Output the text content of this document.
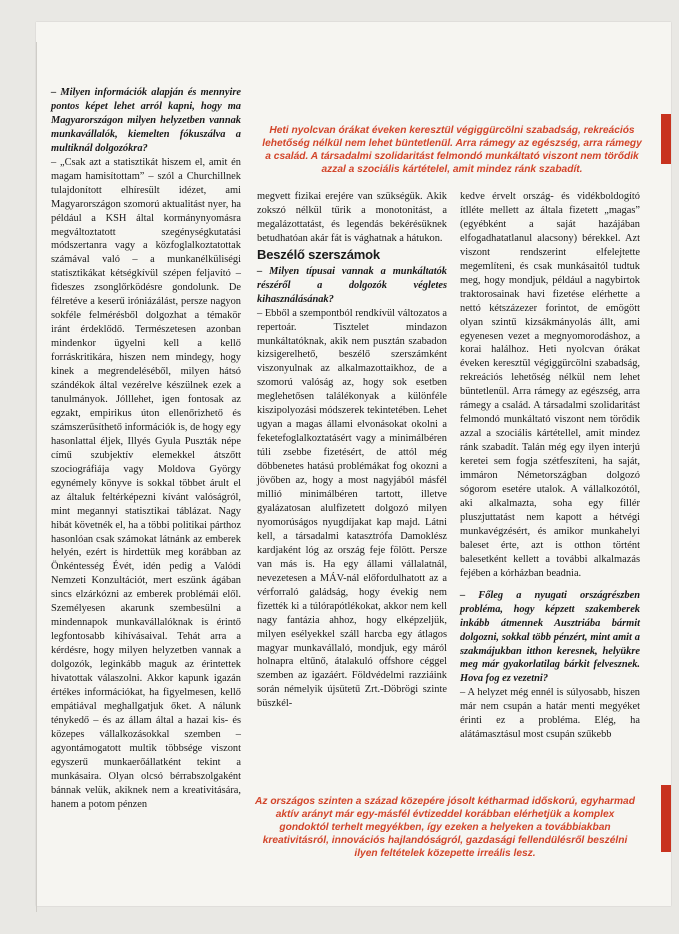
– Milyen információk alapján és mennyire pontos képet lehet arról kapni, hogy ma Magyarországon milyen helyzetben vannak munkavállalók, kiemelten fókuszálva a multiknál dolgozókra?

– „Csak azt a statisztikát hiszem el, amit én magam hamisítottam” – szól a Churchillnek tulajdonított elhíresült idézet, ami Magyarországon szomorú aktualitást nyer, ha például a KSH által kormánynyomásra megváltoztatott szegénységkutatási módszertanra vagy a közfoglalkoztatottak számával való – a munkanélküliségi statisztikákat kétségkívül szépen feljavító – fideszes zsonglőrködésre gondolunk. De félretéve a keserű iróniázálást, persze nagyon sokféle felmérésből dolgozhat a témakör iránt érdeklődő. Természetesen azonban mindenkor ügyelni kell a kellő forráskritikára, hiszen nem mindegy, hogy kinek a megrendeléséből, milyen hátsó szándékok által vezérelve készülnek ezek a tanulmányok. Jólllehet, igen fontosak az egzakt, empirikus úton ellenőrizhető és számszerűsíthető információk is, de hogy egy hasonlattal éljek, Illyés Gyula Puszták népe című szubjektív elemekkel átszőtt szociográfiája vagy Moldova György egynémely könyve is sokkal többet árult el az általuk feltérképezni kívánt valóságról, mint megannyi statisztikai táblázat. Nagy hibát követnék el, ha a többi politikai párthoz hasonlóan csak számokat látnánk az emberek helyén, ezért is hirdettük meg korábban az Önkéntesség Évét, idén pedig a Valódi Nemzeti Konzultációt, mert eszünk ágában sincs elzárkózni az emberek problémái elől. Személyesen akarunk szembesülni a mindennapok munkavállalóknak is érintő legfontosabb kihívásaival. Tehát arra a kérdésre, hogy milyen helyzetben vannak a dolgozók, leginkább maguk az érintettek hivatottak válaszolni. Akkor kapunk igazán értékes információkat, ha figyelmesen, kellő empátiával meghallgatjuk őket. A nálunk ténykedő – és az állam által a hazai kis- és közepes vállalkozásokkal szemben – agyontámogatott multik többsége viszont egyszerű munkaerőállatként tekint a munkásaira. Olyan olcsó bérrabszolgaként bánnak velük, akiknek nem a kreativitására, hanem a potom pénzen

Heti nyolcvan órákat éveken keresztül végiggürcölni szabadság, rekreációs lehetőség nélkül nem lehet büntetlenül. Arra rámegy az egészség, arra rámegy a család. A társadalmi szolidaritást felmondó munkáltató viszont nem törődik azzal a szociális kártételel, amit mindez ránk szabadít.

megvett fizikai erejére van szükségük. Akik zokszó nélkül tűrik a monotonitást, a megalázottatást, és legendás bekérésüknek betudhatóan akár fát is vághatnak a hátukon.

Beszélő szerszámok

– Milyen típusai vannak a munkáltatók részéről a dolgozók végletes kihasználásának?

– Ebből a szempontból rendkívül változatos a repertoár. Tisztelet mindazon munkáltatóknak, akik nem pusztán szabadon kizsigerelhető, beszélő szerszámként viszonyulnak az alkalmazottaikhoz, de a szomorú valóság az, hogy sok esetben meglehetősen találékonyak a különféle kiszipolyozási módszerek tekintetében. Lehet ugyan a magas állami elvonásokat okolni a feketefoglalkoztatásért vagy a minimálbéren túli zsebbe fizetésért, de attól még döbbenetes hatású problémákat fog okozni a jövőben az, hogy a most nagyjából másfél millió minimálbéren tartott, illetve gyalázatosan alulfizetett dolgozó milyen nyomorúságos nyugdíjakat kap majd. Látni kell, a társadalmi katasztrófa Damoklész kardjaként lóg az ország feje fölött. Persze van más is. Ha egy állami vállalatnál, nevezetesen a MÁV-nál előfordulhatott az a vérforraló galádság, hogy évekig nem fizették ki a túlórapótlékokat, akkor nem kell nagy fantázia ahhoz, hogy elképzeljük, milyen esélyekkel száll harcba egy átlagos magyar munkavállaló, mondjuk, egy máról holnapra eltűnő, átalakuló offshore céggel szemben az igazáért. Földvédelmi razziáink során némelyik újsütetű Zrt.-Döbrögi szinte büszkél-

kedve érvelt ország- és vidékboldogító ítlléte mellett az általa fizetett „magas” (egyébként a saját hazájában elfogadhatatlanul alacsony) bérekkel. Azt viszont rendszerint elfelejtette megemlíteni, és csak munkásaitól tudtuk meg, hogy mondjuk, például a nagybirtok traktorosainak havi fizetése elérhette a nettó kétszázezer forintot, de emögött olyan szintű kizsákmányolás állt, ami egyenesen vezet a megnyomorodáshoz, a korai halálhoz. Heti nyolcvan órákat éveken keresztül végiggürcölni szabadság, rekreációs lehetőség nélkül nem lehet büntetlenül. Arra rámegy az egészség, arra rámegy a család. A társadalmi szolidaritást felmondó munkáltató viszont nem törődik azzal a szociális kártétellel, amit mindez ránk szabadít. Talán még egy ilyen interjú keretei sem fogja szétfeszíteni, ha saját, immáron Németországban dolgozó sógorom esetére utalok. A vállalkozótól, aki alkalmazta, soha egy fillér pluszjuttatást nem kapott a hétvégi munkavégzésért, és amikor munkahelyi baleset érte, azt is otthon történt balesetként kellett a további alkalmazás fejében a kórházban beadnia.

– Főleg a nyugati országrészben probléma, hogy képzett szakemberek inkább átmennek Ausztriába bármit dolgozni, sokkal több pénzért, mint amit a szakmájukban itthon keresnek, helyükre meg már gyakorlatilag bárkit felvesznek. Hova fog ez vezetni?

– A helyzet még ennél is súlyosabb, hiszen már nem csupán a határ menti megyéket érinti ez a probléma. Elég, ha alátámasztásul most csupán szűkebb

Az országos szinten a század közepére jósolt kétharmad időskorú, egyharmad aktív arányt már egy-másfél évtizeddel korábban elérhetjük a komplex gondoktól terhelt megyékben, így ezeken a helyeken a továbbiakban kreativitásról, innovációs hajlandóságról, gazdasági fellendülésről beszélni ilyen feltételek közepette irreális lesz.
